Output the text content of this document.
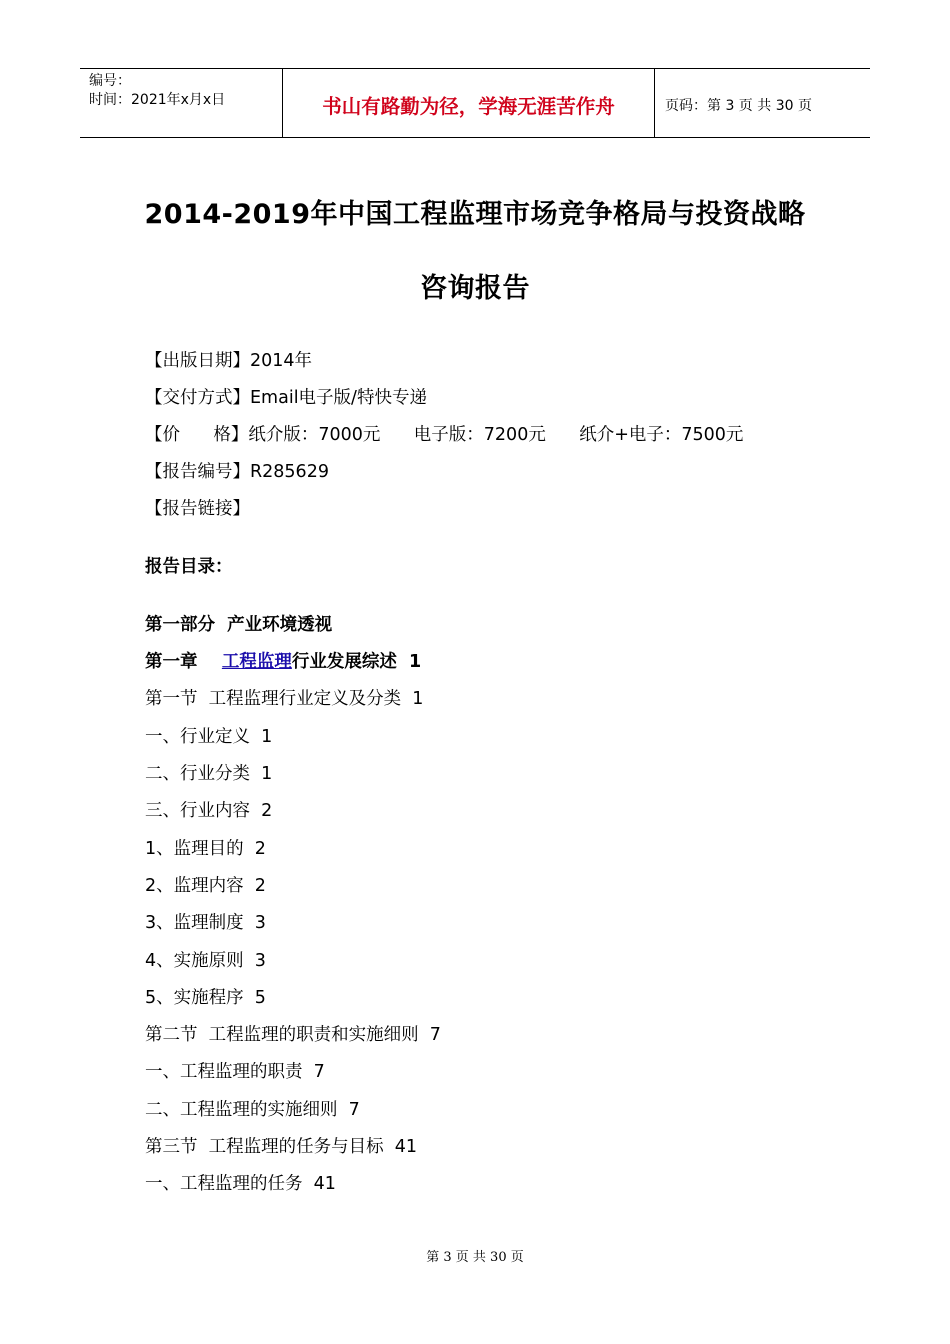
编号：
时间：2021年x月x日	书山有路勤为径，学海无涯苦作舟	页码：第 3 页 共 30 页
2014-2019年中国工程监理市场竞争格局与投资战略
咨询报告
【出版日期】2014年
【交付方式】Email电子版/特快专递
【价      格】纸介版：7000元      电子版：7200元      纸介+电子：7500元
【报告编号】R285629
【报告链接】
报告目录：
第一部分  产业环境透视
第一章    工程监理行业发展综述  1
第一节  工程监理行业定义及分类  1
一、行业定义  1
二、行业分类  1
三、行业内容  2
1、监理目的  2
2、监理内容  2
3、监理制度  3
4、实施原则  3
5、实施程序  5
第二节  工程监理的职责和实施细则  7
一、工程监理的职责  7
二、工程监理的实施细则  7
第三节  工程监理的任务与目标  41
一、工程监理的任务  41
第 3 页 共 30 页
